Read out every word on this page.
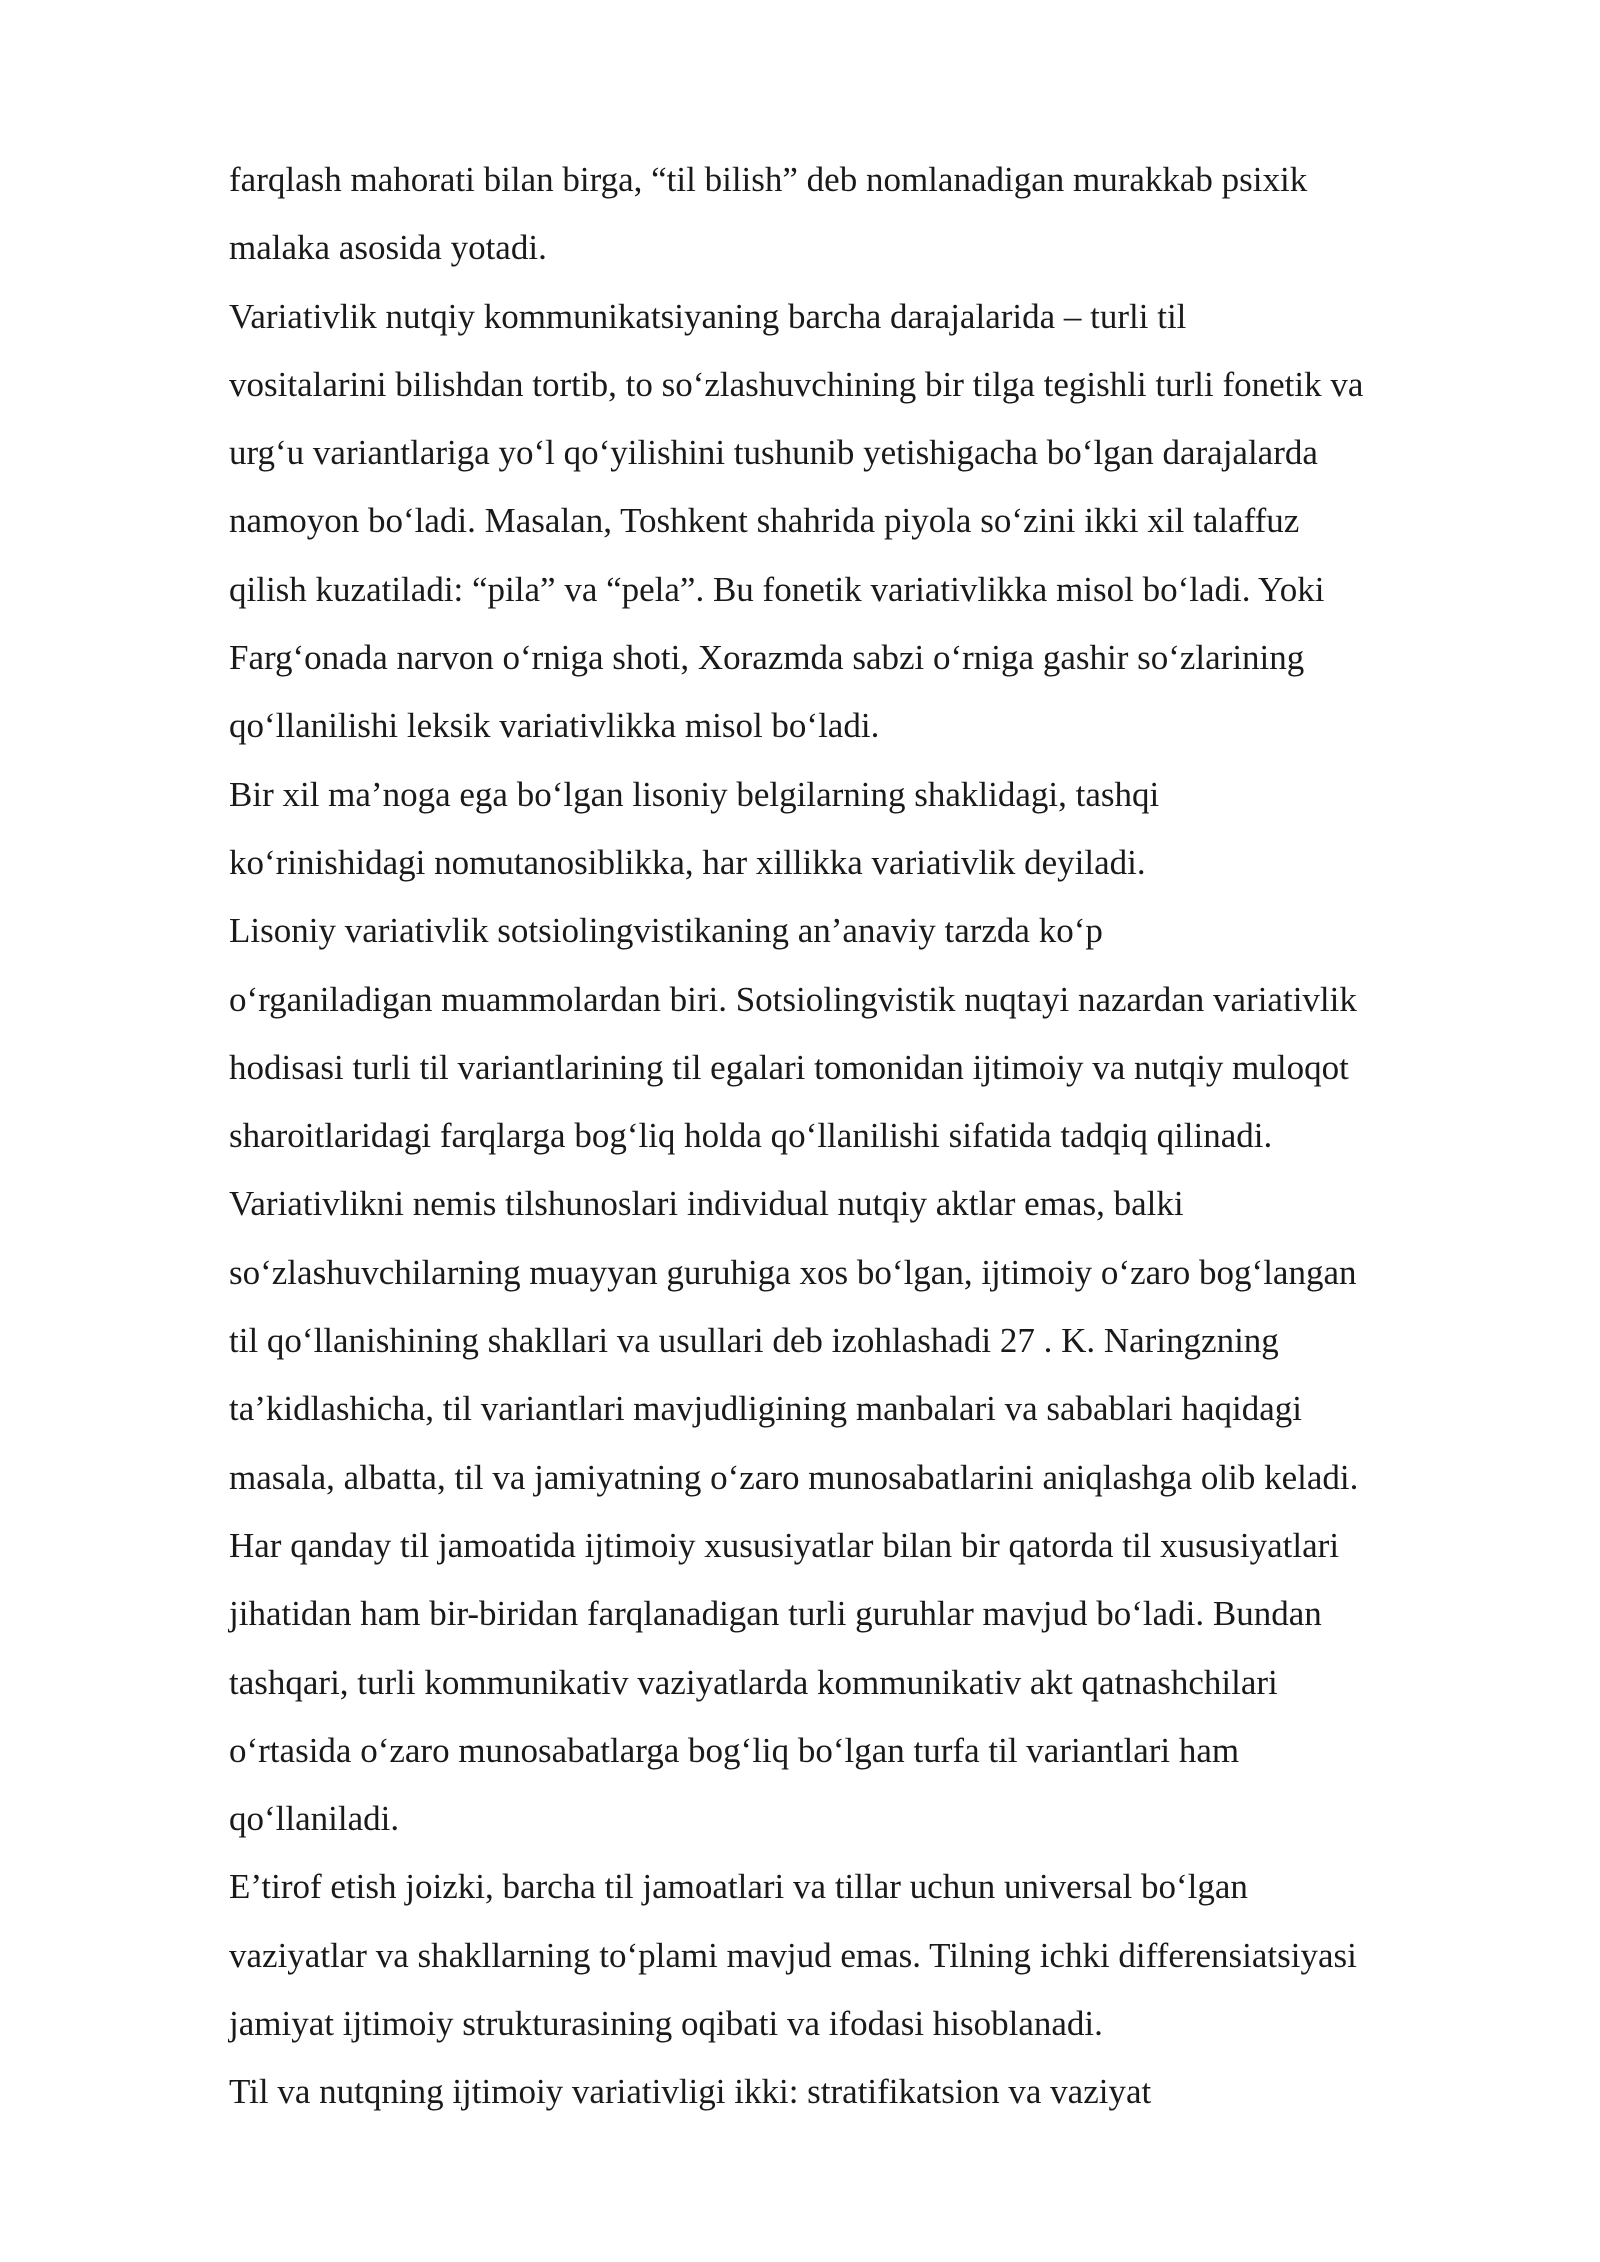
farqlash mahorati bilan birga, “til bilish” deb nomlanadigan murakkab psixik
malaka asosida yotadi.
Variativlik nutqiy kommunikatsiyaning barcha darajalarida – turli til
vositalarini bilishdan tortib, to so‘zlashuvchining bir tilga tegishli turli fonetik va
urg‘u variantlariga yo‘l qo‘yilishini tushunib yetishigacha bo‘lgan darajalarda
namoyon bo‘ladi. Masalan, Toshkent shahrida piyola so‘zini ikki xil talaffuz
qilish kuzatiladi: “pila” va “pela”. Bu fonetik variativlikka misol bo‘ladi. Yoki
Farg‘onada narvon o‘rniga shoti, Xorazmda sabzi o‘rniga gashir so‘zlarining
qo‘llanilishi leksik variativlikka misol bo‘ladi.
Bir xil ma’noga ega bo‘lgan lisoniy belgilarning shaklidagi, tashqi
ko‘rinishidagi nomutanosiblikka, har xillikka variativlik deyiladi.
Lisoniy variativlik sotsiolingvistikaning an’anaviy tarzda ko‘p
o‘rganiladigan muammolardan biri. Sotsiolingvistik nuqtayi nazardan variativlik
hodisasi turli til variantlarining til egalari tomonidan ijtimoiy va nutqiy muloqot
sharoitlaridagi farqlarga bog‘liq holda qo‘llanilishi sifatida tadqiq qilinadi.
Variativlikni nemis tilshunoslari individual nutqiy aktlar emas, balki
so‘zlashuvchilarning muayyan guruhiga xos bo‘lgan, ijtimoiy o‘zaro bog‘langan
til qo‘llanishining shakllari va usullari deb izohlashadi 27 . K. Naringzning
ta’kidlashicha, til variantlari mavjudligining manbalari va sabablari haqidagi
masala, albatta, til va jamiyatning o‘zaro munosabatlarini aniqlashga olib keladi.
Har qanday til jamoatida ijtimoiy xususiyatlar bilan bir qatorda til xususiyatlari
jihatidan ham bir-biridan farqlanadigan turli guruhlar mavjud bo‘ladi. Bundan
tashqari, turli kommunikativ vaziyatlarda kommunikativ akt qatnashchilari
o‘rtasida o‘zaro munosabatlarga bog‘liq bo‘lgan turfa til variantlari ham
qo‘llaniladi.
E’tirof etish joizki, barcha til jamoatlari va tillar uchun universal bo‘lgan
vaziyatlar va shakllarning to‘plami mavjud emas. Tilning ichki differensiatsiyasi
jamiyat ijtimoiy strukturasining oqibati va ifodasi hisoblanadi.
Til va nutqning ijtimoiy variativligi ikki: stratifikatsion va vaziyat
